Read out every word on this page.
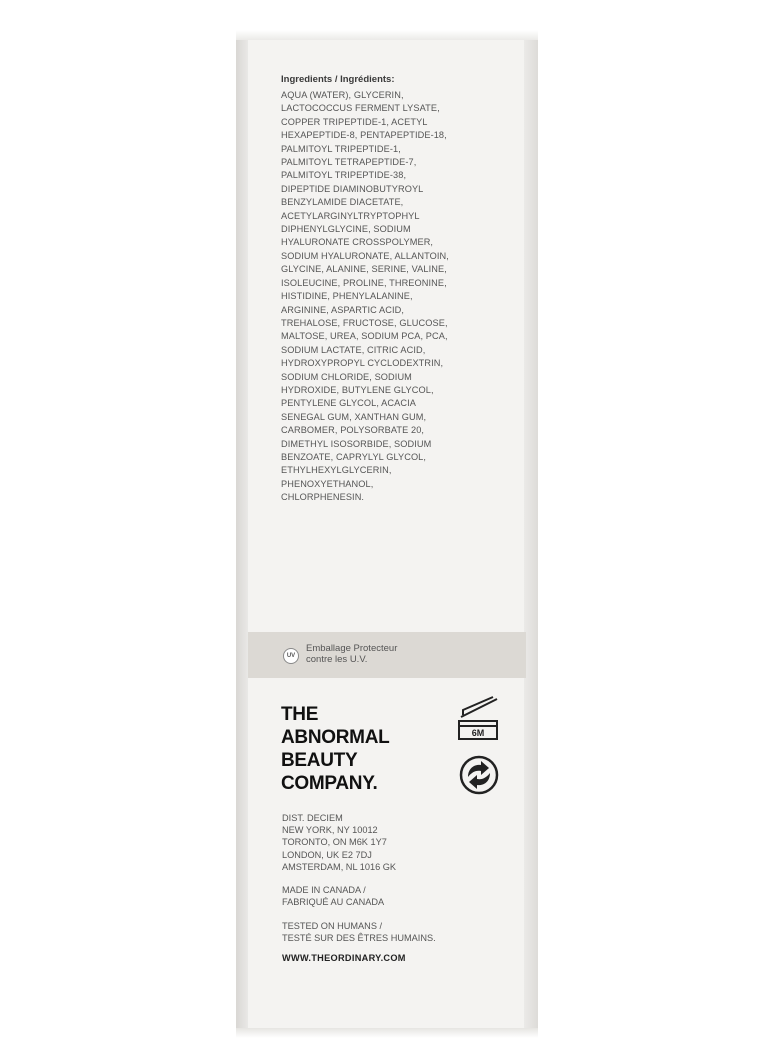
Ingredients / Ingrédients:
AQUA (WATER), GLYCERIN,
LACTOCOCCUS FERMENT LYSATE,
COPPER TRIPEPTIDE-1, ACETYL
HEXAPEPTIDE-8, PENTAPEPTIDE-18,
PALMITOYL TRIPEPTIDE-1,
PALMITOYL TETRAPEPTIDE-7,
PALMITOYL TRIPEPTIDE-38,
DIPEPTIDE DIAMINOBUTYROYL
BENZYLAMIDE DIACETATE,
ACETYLARGINYLTRYPTOPHYL
DIPHENYLGLYCINE, SODIUM
HYALURONATE CROSSPOLYMER,
SODIUM HYALURONATE, ALLANTOIN,
GLYCINE, ALANINE, SERINE, VALINE,
ISOLEUCINE, PROLINE, THREONINE,
HISTIDINE, PHENYLALANINE,
ARGININE, ASPARTIC ACID,
TREHALOSE, FRUCTOSE, GLUCOSE,
MALTOSE, UREA, SODIUM PCA, PCA,
SODIUM LACTATE, CITRIC ACID,
HYDROXYPROPYL CYCLODEXTRIN,
SODIUM CHLORIDE, SODIUM
HYDROXIDE, BUTYLENE GLYCOL,
PENTYLENE GLYCOL, ACACIA
SENEGAL GUM, XANTHAN GUM,
CARBOMER, POLYSORBATE 20,
DIMETHYL ISOSORBIDE, SODIUM
BENZOATE, CAPRYLYL GLYCOL,
ETHYLHEXYLGLYCERIN,
PHENOXYETHANOL,
CHLORPHENESIN.
UV
Emballage Protecteur
contre les U.V.
THE
ABNORMAL
BEAUTY
COMPANY.
6M
DIST. DECIEM
NEW YORK, NY 10012
TORONTO, ON M6K 1Y7
LONDON, UK E2 7DJ
AMSTERDAM, NL 1016 GK
MADE IN CANADA /
FABRIQUÉ AU CANADA
TESTED ON HUMANS /
TESTÉ SUR DES ÊTRES HUMAINS.
WWW.THEORDINARY.COM
